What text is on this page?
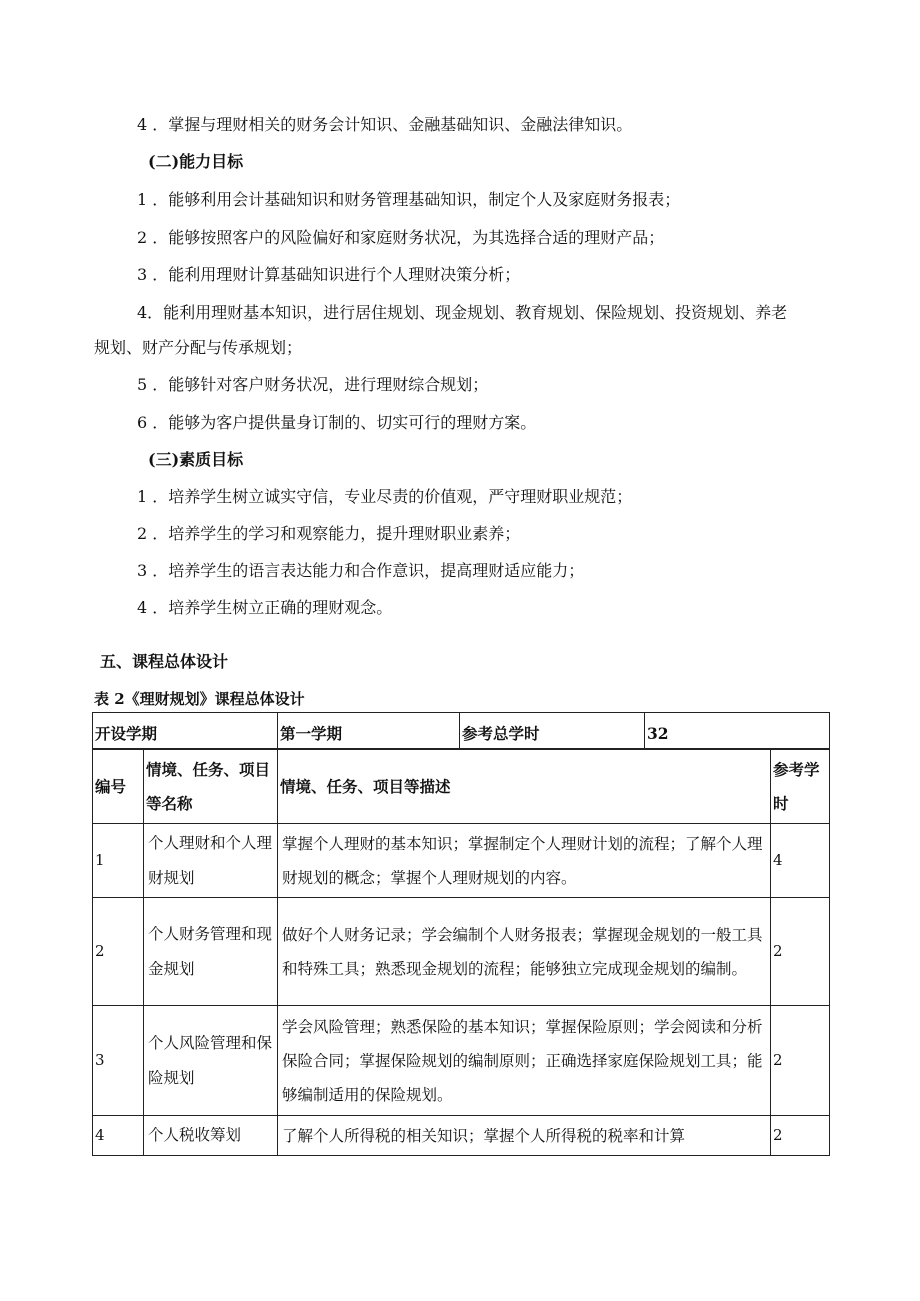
4 ．掌握与理财相关的财务会计知识、金融基础知识、金融法律知识。
(二)能力目标
1 ．能够利用会计基础知识和财务管理基础知识，制定个人及家庭财务报表；
2 ．能够按照客户的风险偏好和家庭财务状况，为其选择合适的理财产品；
3 ．能利用理财计算基础知识进行个人理财决策分析；
4．能利用理财基本知识，进行居住规划、现金规划、教育规划、保险规划、投资规划、养老
规划、财产分配与传承规划；
5 ．能够针对客户财务状况，进行理财综合规划；
6 ．能够为客户提供量身订制的、切实可行的理财方案。
(三)素质目标
1 ．培养学生树立诚实守信，专业尽责的价值观，严守理财职业规范；
2 ．培养学生的学习和观察能力，提升理财职业素养；
3 ．培养学生的语言表达能力和合作意识，提高理财适应能力；
4 ．培养学生树立正确的理财观念。
五、课程总体设计
表 2《理财规划》课程总体设计
开设学期	第一学期	参考总学时	32
编号	情境、任务、项目等名称	情境、任务、项目等描述	参考学时
1	个人理财和个人理财规划	掌握个人理财的基本知识；掌握制定个人理财计划的流程；了解个人理财规划的概念；掌握个人理财规划的内容。	4
2	个人财务管理和现金规划	做好个人财务记录；学会编制个人财务报表；掌握现金规划的一般工具和特殊工具；熟悉现金规划的流程；能够独立完成现金规划的编制。	2
3	个人风险管理和保险规划	学会风险管理；熟悉保险的基本知识；掌握保险原则；学会阅读和分析保险合同；掌握保险规划的编制原则；正确选择家庭保险规划工具；能够编制适用的保险规划。	2
4	个人税收筹划	了解个人所得税的相关知识；掌握个人所得税的税率和计算	2
